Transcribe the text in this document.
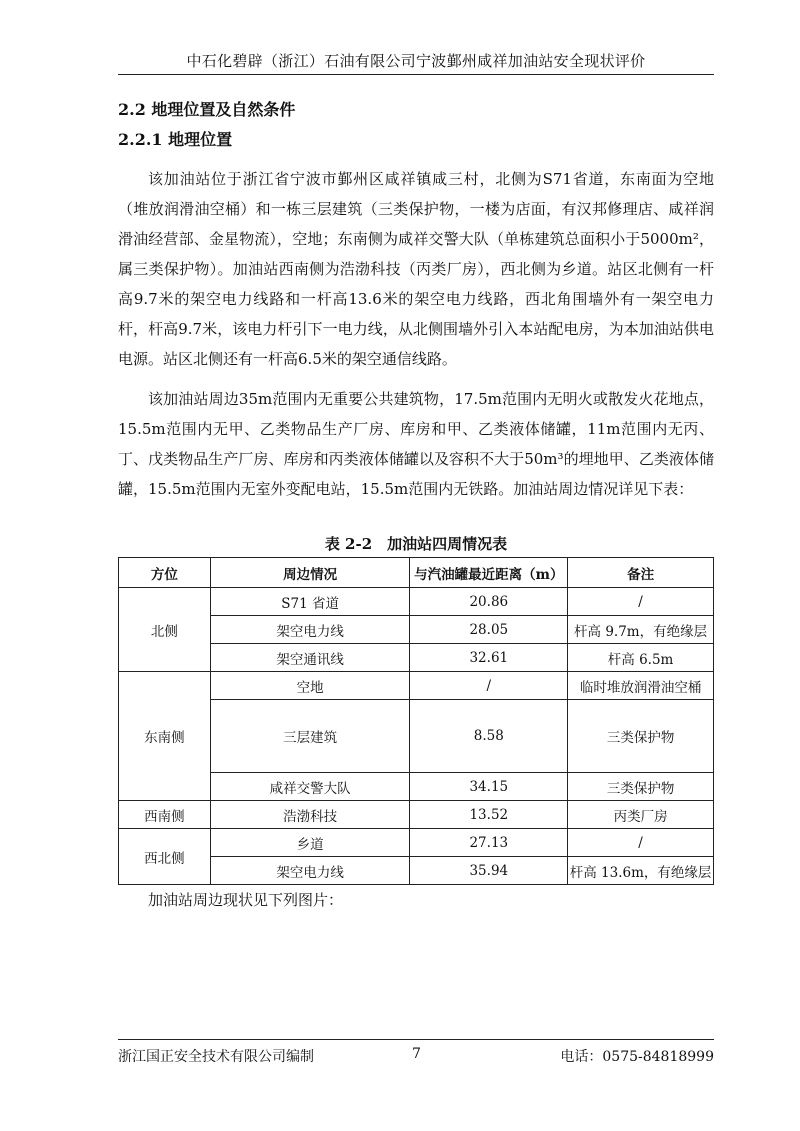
中石化碧辟（浙江）石油有限公司宁波鄞州咸祥加油站安全现状评价
2.2 地理位置及自然条件
2.2.1 地理位置
该加油站位于浙江省宁波市鄞州区咸祥镇咸三村，北侧为S71省道，东南面为空地（堆放润滑油空桶）和一栋三层建筑（三类保护物，一楼为店面，有汉邦修理店、咸祥润滑油经营部、金星物流），空地；东南侧为咸祥交警大队（单栋建筑总面积小于5000m²，属三类保护物）。加油站西南侧为浩渤科技（丙类厂房），西北侧为乡道。站区北侧有一杆高9.7米的架空电力线路和一杆高13.6米的架空电力线路，西北角围墙外有一架空电力杆，杆高9.7米，该电力杆引下一电力线，从北侧围墙外引入本站配电房，为本加油站供电电源。站区北侧还有一杆高6.5米的架空通信线路。
该加油站周边35m范围内无重要公共建筑物，17.5m范围内无明火或散发火花地点，15.5m范围内无甲、乙类物品生产厂房、库房和甲、乙类液体储罐，11m范围内无丙、丁、戊类物品生产厂房、库房和丙类液体储罐以及容积不大于50m³的埋地甲、乙类液体储罐，15.5m范围内无室外变配电站，15.5m范围内无铁路。加油站周边情况详见下表：
表 2-2　加油站四周情况表
方位	周边情况	与汽油罐最近距离（m）	备注
北侧	S71 省道	20.86	/
	架空电力线	28.05	杆高 9.7m，有绝缘层
	架空通讯线	32.61	杆高 6.5m
东南侧	空地	/	临时堆放润滑油空桶
	三层建筑	8.58	三类保护物
	咸祥交警大队	34.15	三类保护物
西南侧	浩渤科技	13.52	丙类厂房
西北侧	乡道	27.13	/
	架空电力线	35.94	杆高 13.6m，有绝缘层
加油站周边现状见下列图片：
浙江国正安全技术有限公司编制	7	电话：0575-84818999
